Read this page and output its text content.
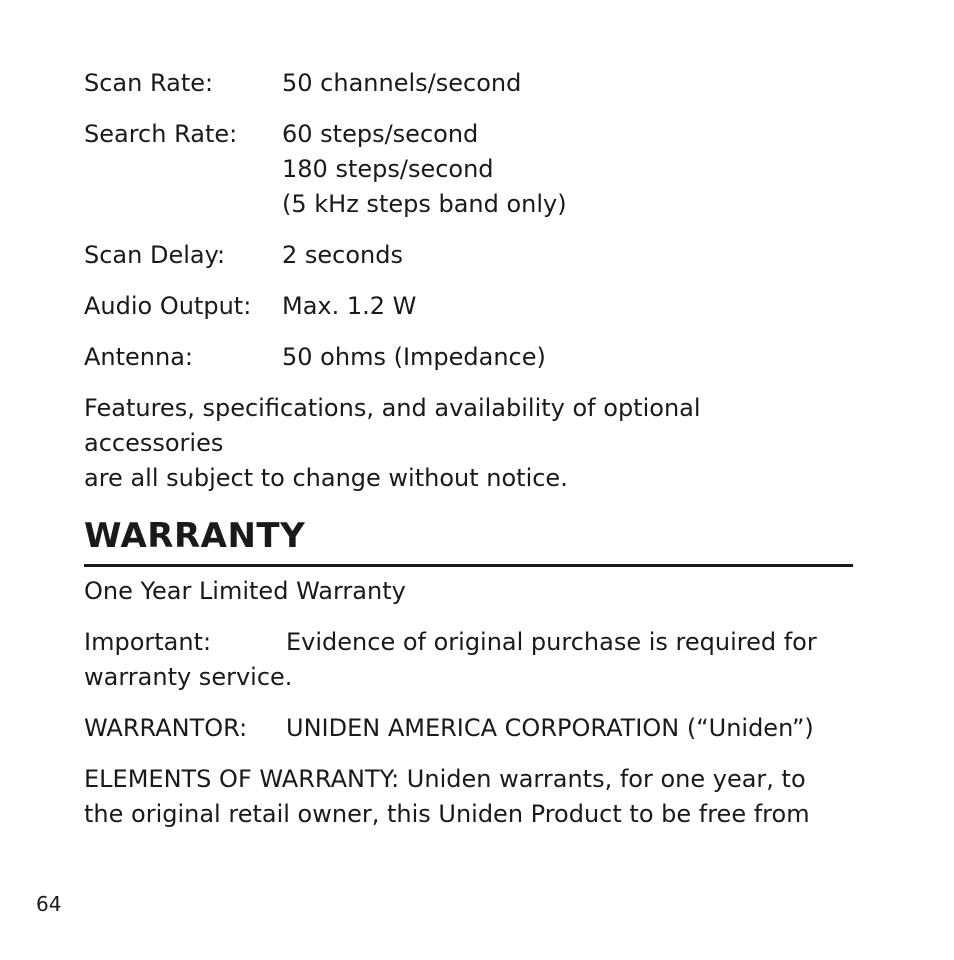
Scan Rate:	50 channels/second
Search Rate:	60 steps/second
180 steps/second
(5 kHz steps band only)
Scan Delay:	2 seconds
Audio Output:	Max. 1.2 W
Antenna:	50 ohms (Impedance)
Features, specifications, and availability of optional accessories
are all subject to change without notice.
WARRANTY

One Year Limited Warranty

Important:	Evidence of original purchase is required for
warranty service.

WARRANTOR: UNIDEN AMERICA CORPORATION (“Uniden”)

ELEMENTS OF WARRANTY: Uniden warrants, for one year, to
the original retail owner, this Uniden Product to be free from

64
